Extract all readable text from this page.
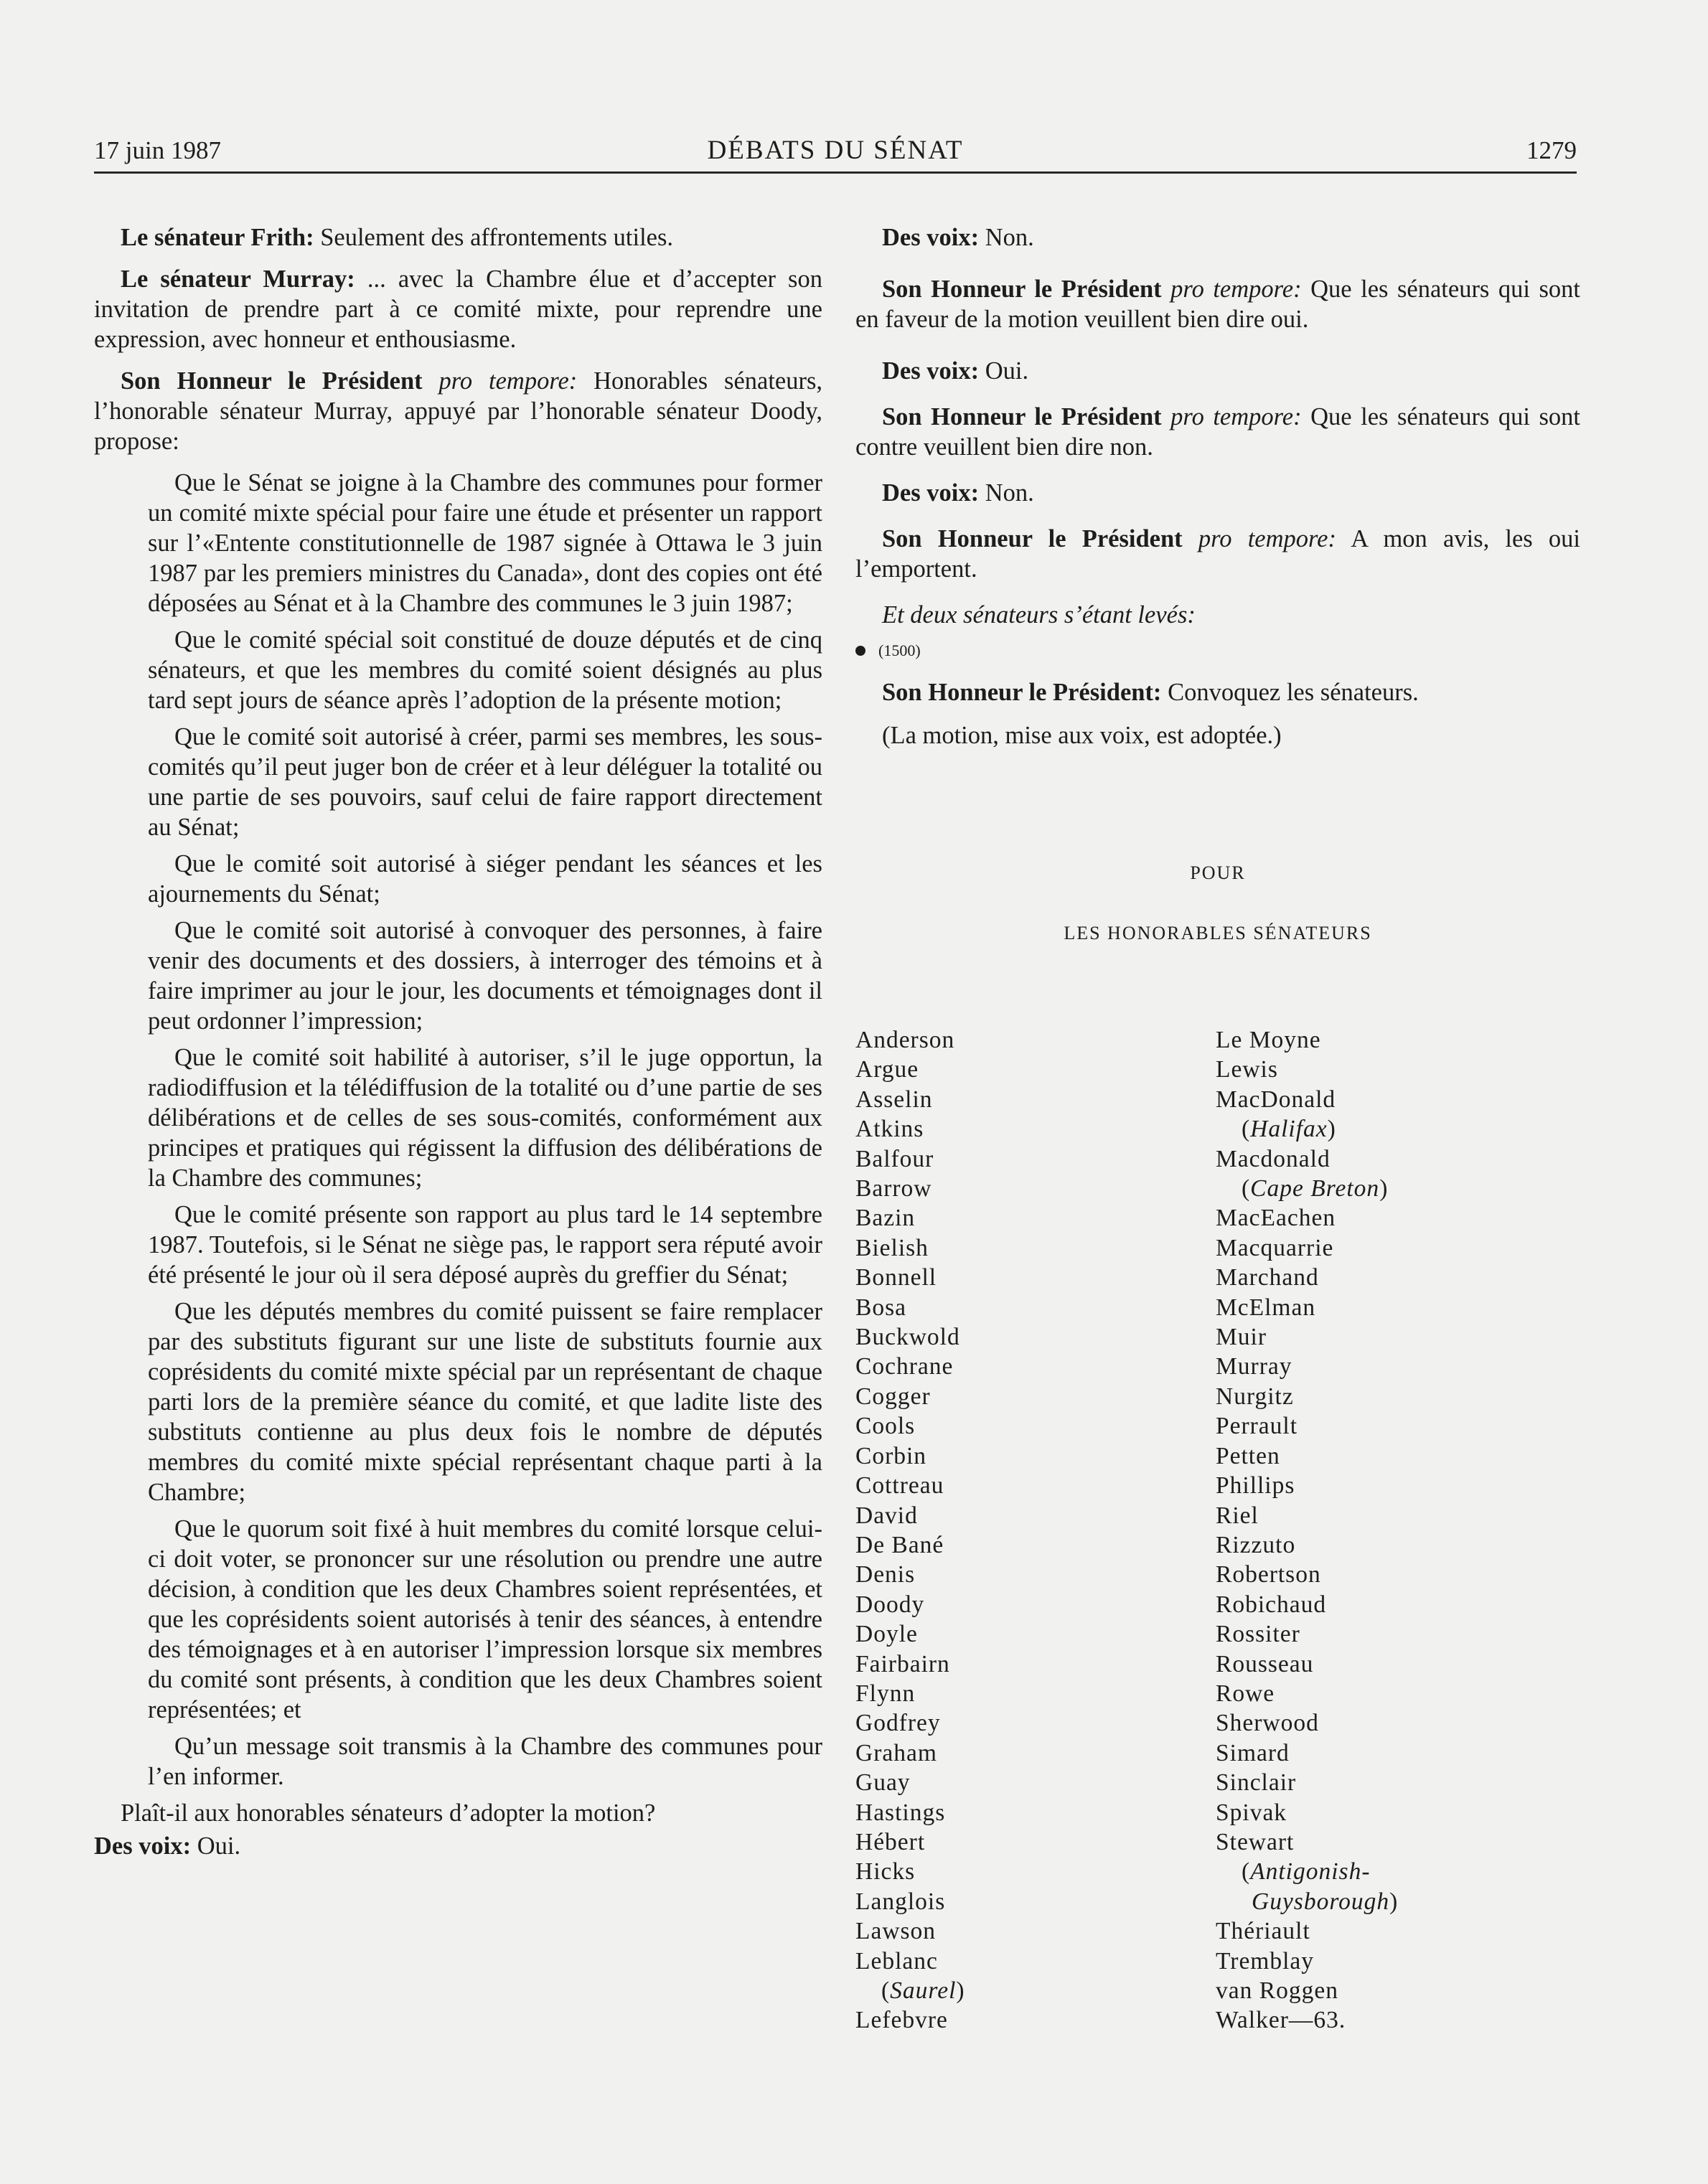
17 juin 1987	DÉBATS DU SÉNAT	1279

Le sénateur Frith: Seulement des affrontements utiles.

Le sénateur Murray: ... avec la Chambre élue et d’accepter son invitation de prendre part à ce comité mixte, pour reprendre une expression, avec honneur et enthousiasme.

Son Honneur le Président pro tempore: Honorables sénateurs, l’honorable sénateur Murray, appuyé par l’honorable sénateur Doody, propose:

Que le Sénat se joigne à la Chambre des communes pour former un comité mixte spécial pour faire une étude et présenter un rapport sur l’«Entente constitutionnelle de 1987 signée à Ottawa le 3 juin 1987 par les premiers ministres du Canada», dont des copies ont été déposées au Sénat et à la Chambre des communes le 3 juin 1987;

Que le comité spécial soit constitué de douze députés et de cinq sénateurs, et que les membres du comité soient désignés au plus tard sept jours de séance après l’adoption de la présente motion;

Que le comité soit autorisé à créer, parmi ses membres, les sous-comités qu’il peut juger bon de créer et à leur déléguer la totalité ou une partie de ses pouvoirs, sauf celui de faire rapport directement au Sénat;

Que le comité soit autorisé à siéger pendant les séances et les ajournements du Sénat;

Que le comité soit autorisé à convoquer des personnes, à faire venir des documents et des dossiers, à interroger des témoins et à faire imprimer au jour le jour, les documents et témoignages dont il peut ordonner l’impression;

Que le comité soit habilité à autoriser, s’il le juge opportun, la radiodiffusion et la télédiffusion de la totalité ou d’une partie de ses délibérations et de celles de ses sous-comités, conformément aux principes et pratiques qui régissent la diffusion des délibérations de la Chambre des communes;

Que le comité présente son rapport au plus tard le 14 septembre 1987. Toutefois, si le Sénat ne siège pas, le rapport sera réputé avoir été présenté le jour où il sera déposé auprès du greffier du Sénat;

Que les députés membres du comité puissent se faire remplacer par des substituts figurant sur une liste de substituts fournie aux coprésidents du comité mixte spécial par un représentant de chaque parti lors de la première séance du comité, et que ladite liste des substituts contienne au plus deux fois le nombre de députés membres du comité mixte spécial représentant chaque parti à la Chambre;

Que le quorum soit fixé à huit membres du comité lorsque celui-ci doit voter, se prononcer sur une résolution ou prendre une autre décision, à condition que les deux Chambres soient représentées, et que les coprésidents soient autorisés à tenir des séances, à entendre des témoignages et à en autoriser l’impression lorsque six membres du comité sont présents, à condition que les deux Chambres soient représentées; et

Qu’un message soit transmis à la Chambre des communes pour l’en informer.

Plaît-il aux honorables sénateurs d’adopter la motion?

Des voix: Oui.

Des voix: Non.

Son Honneur le Président pro tempore: Que les sénateurs qui sont en faveur de la motion veuillent bien dire oui.

Des voix: Oui.

Son Honneur le Président pro tempore: Que les sénateurs qui sont contre veuillent bien dire non.

Des voix: Non.

Son Honneur le Président pro tempore: A mon avis, les oui l’emportent.

Et deux sénateurs s’étant levés:

(1500)

Son Honneur le Président: Convoquez les sénateurs.

(La motion, mise aux voix, est adoptée.)

POUR

LES HONORABLES SÉNATEURS

Anderson
Argue
Asselin
Atkins
Balfour
Barrow
Bazin
Bielish
Bonnell
Bosa
Buckwold
Cochrane
Cogger
Cools
Corbin
Cottreau
David
De Bané
Denis
Doody
Doyle
Fairbairn
Flynn
Godfrey
Graham
Guay
Hastings
Hébert
Hicks
Langlois
Lawson
Leblanc
(Saurel)
Lefebvre
Le Moyne
Lewis
MacDonald
(Halifax)
Macdonald
(Cape Breton)
MacEachen
Macquarrie
Marchand
McElman
Muir
Murray
Nurgitz
Perrault
Petten
Phillips
Riel
Rizzuto
Robertson
Robichaud
Rossiter
Rousseau
Rowe
Sherwood
Simard
Sinclair
Spivak
Stewart
(Antigonish-
Guysborough)
Thériault
Tremblay
van Roggen
Walker—63.
